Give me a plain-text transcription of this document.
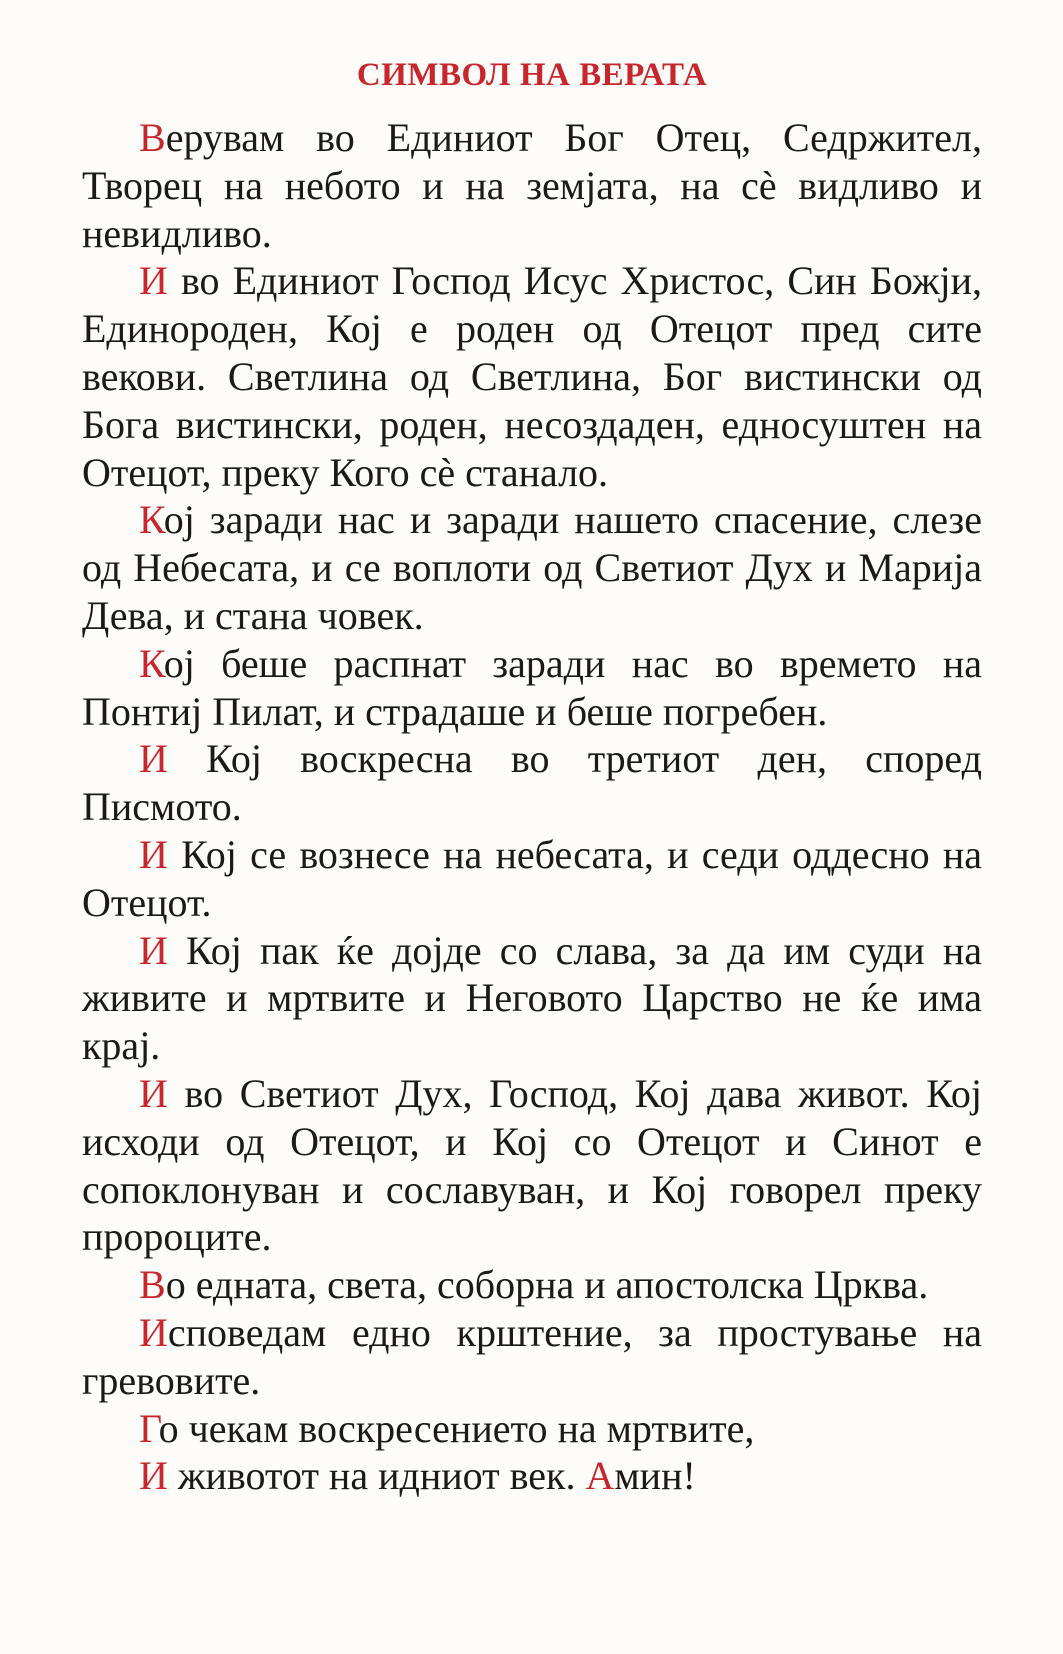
СИМВОЛ НА ВЕРАТА

Верувам во Единиот Бог Отец, Седржител, Творец на небото и на земјата, на сè видливо и невидливо.

И во Единиот Господ Исус Христос, Син Божји, Единороден, Кој е роден од Отецот пред сите векови. Светлина од Светлина, Бог вистински од Бога вистински, роден, несоздаден, едносуштен на Отецот, преку Кого сè станало.

Кој заради нас и заради нашето спасение, слезе од Небесата, и се воплоти од Светиот Дух и Марија Дева, и стана човек.

Кој беше распнат заради нас во времето на Понтиј Пилат, и страдаше и беше погребен.

И Кој воскресна во третиот ден, според Писмото.

И Кој се вознесе на небесата, и седи оддесно на Отецот.

И Кој пак ќе дојде со слава, за да им суди на живите и мртвите и Неговото Царство не ќе има крај.

И во Светиот Дух, Господ, Кој дава живот. Кој исходи од Отецот, и Кој со Отецот и Синот е сопоклонуван и сославуван, и Кој говорел преку пророците.

Во едната, света, соборна и апостолска Црква.

Исповедам едно крштение, за простување на гревовите.

Го чекам воскресението на мртвите,

И животот на идниот век. Амин!
